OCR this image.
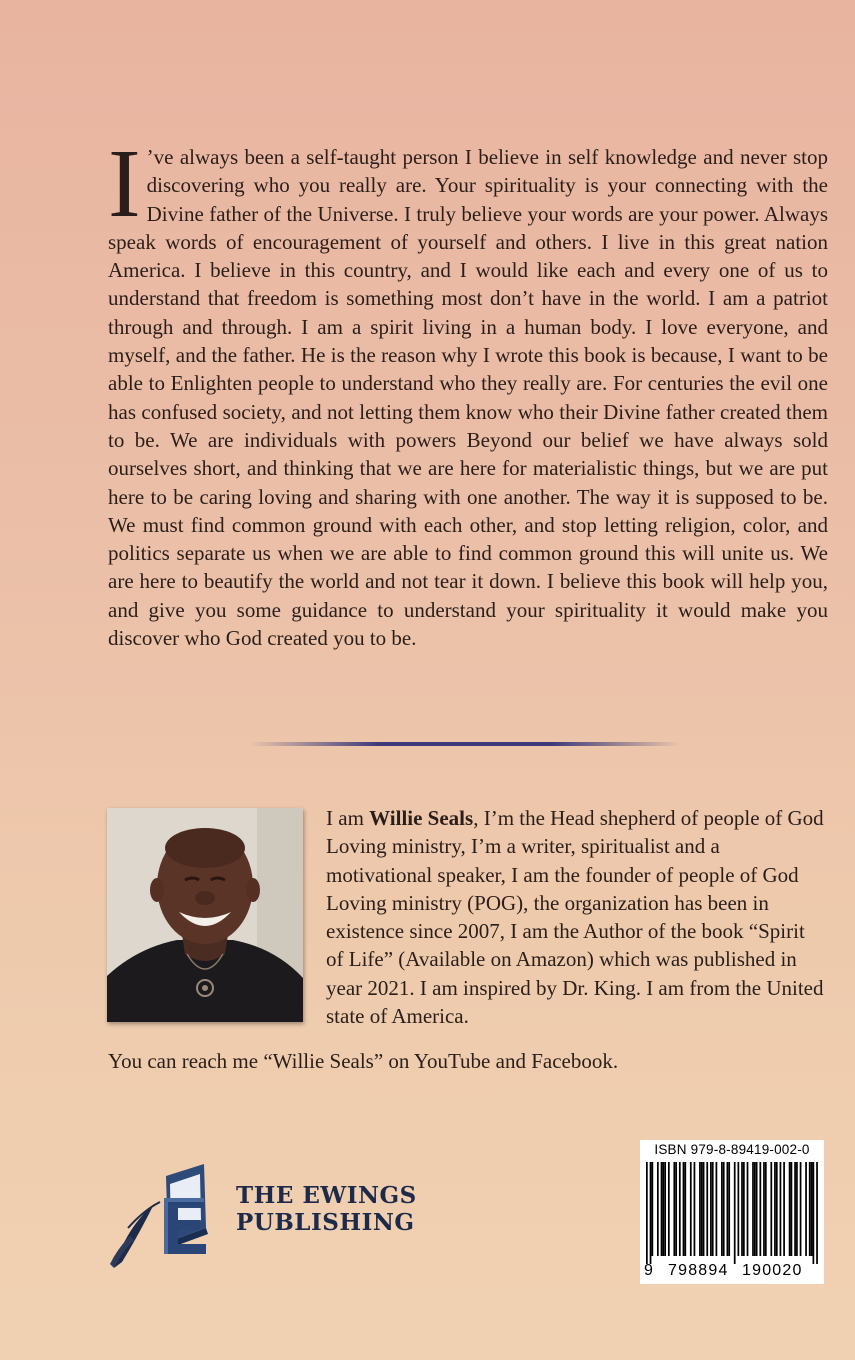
I ’ve always been a self-taught person I believe in self knowledge and never stop discovering who you really are. Your spirituality is your connecting with the Divine father of the Universe. I truly believe your words are your power. Always speak words of encouragement of yourself and others. I live in this great nation America. I believe in this country, and I would like each and every one of us to understand that freedom is something most don’t have in the world. I am a patriot through and through. I am a spirit living in a human body. I love everyone, and myself, and the father. He is the reason why I wrote this book is because, I want to be able to Enlighten people to understand who they really are. For centuries the evil one has confused society, and not letting them know who their Divine father created them to be. We are individuals with powers Beyond our belief we have always sold ourselves short, and thinking that we are here for materialistic things, but we are put here to be caring loving and sharing with one another. The way it is supposed to be. We must find common ground with each other, and stop letting religion, color, and politics separate us when we are able to find common ground this will unite us. We are here to beautify the world and not tear it down. I believe this book will help you, and give you some guidance to understand your spirituality it would make you discover who God created you to be.
I am Willie Seals, I’m the Head shepherd of people of God Loving ministry, I’m a writer, spiritualist and a motivational speaker, I am the founder of people of God Loving ministry (POG), the organization has been in existence since 2007, I am the Author of the book “Spirit of Life” (Available on Amazon) which was published in year 2021. I am inspired by Dr. King. I am from the United state of America.
You can reach me “Willie Seals” on YouTube and Facebook.
THE EWINGS
PUBLISHING
ISBN 979-8-89419-002-0
9 798894 190020
